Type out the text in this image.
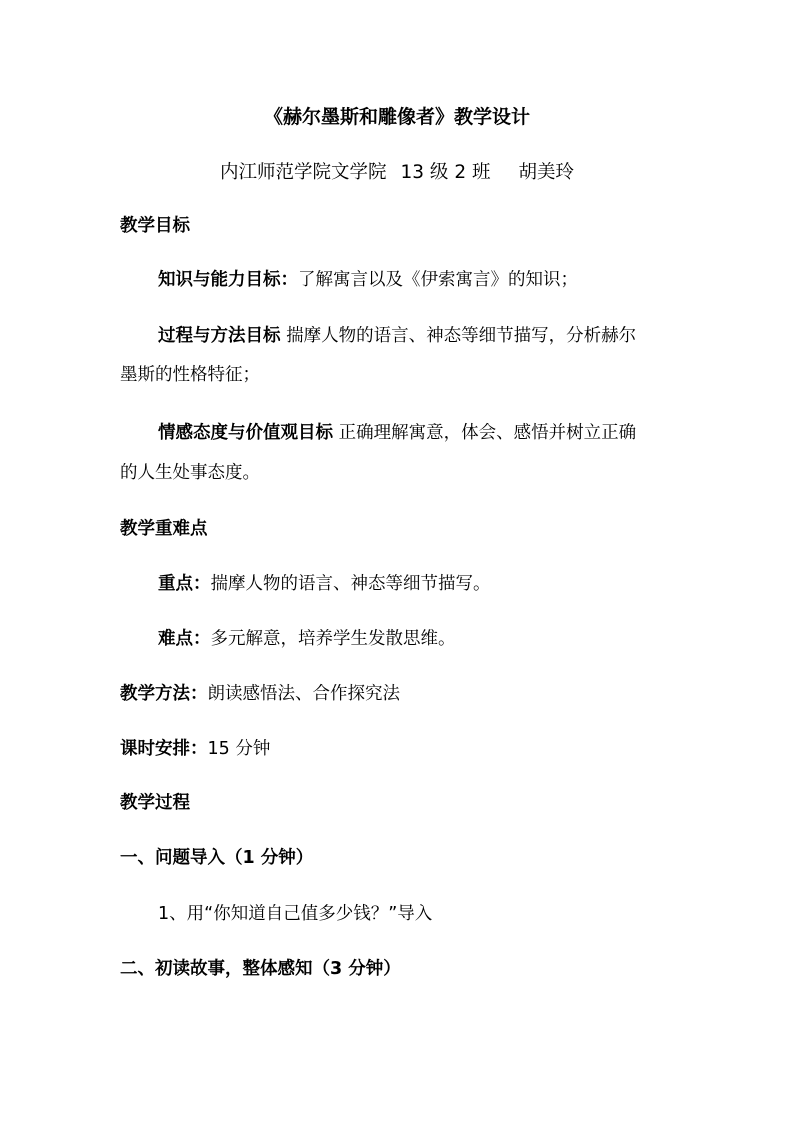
《赫尔墨斯和雕像者》教学设计
内江师范学院文学院 13 级 2 班 胡美玲
教学目标
知识与能力目标：了解寓言以及《伊索寓言》的知识；
过程与方法目标 揣摩人物的语言、神态等细节描写，分析赫尔
墨斯的性格特征；
情感态度与价值观目标 正确理解寓意，体会、感悟并树立正确
的人生处事态度。
教学重难点
重点：揣摩人物的语言、神态等细节描写。
难点：多元解意，培养学生发散思维。
教学方法：朗读感悟法、合作探究法
课时安排：15 分钟
教学过程
一、问题导入（1 分钟）
1、用“你知道自己值多少钱？”导入
二、初读故事，整体感知（3 分钟）
